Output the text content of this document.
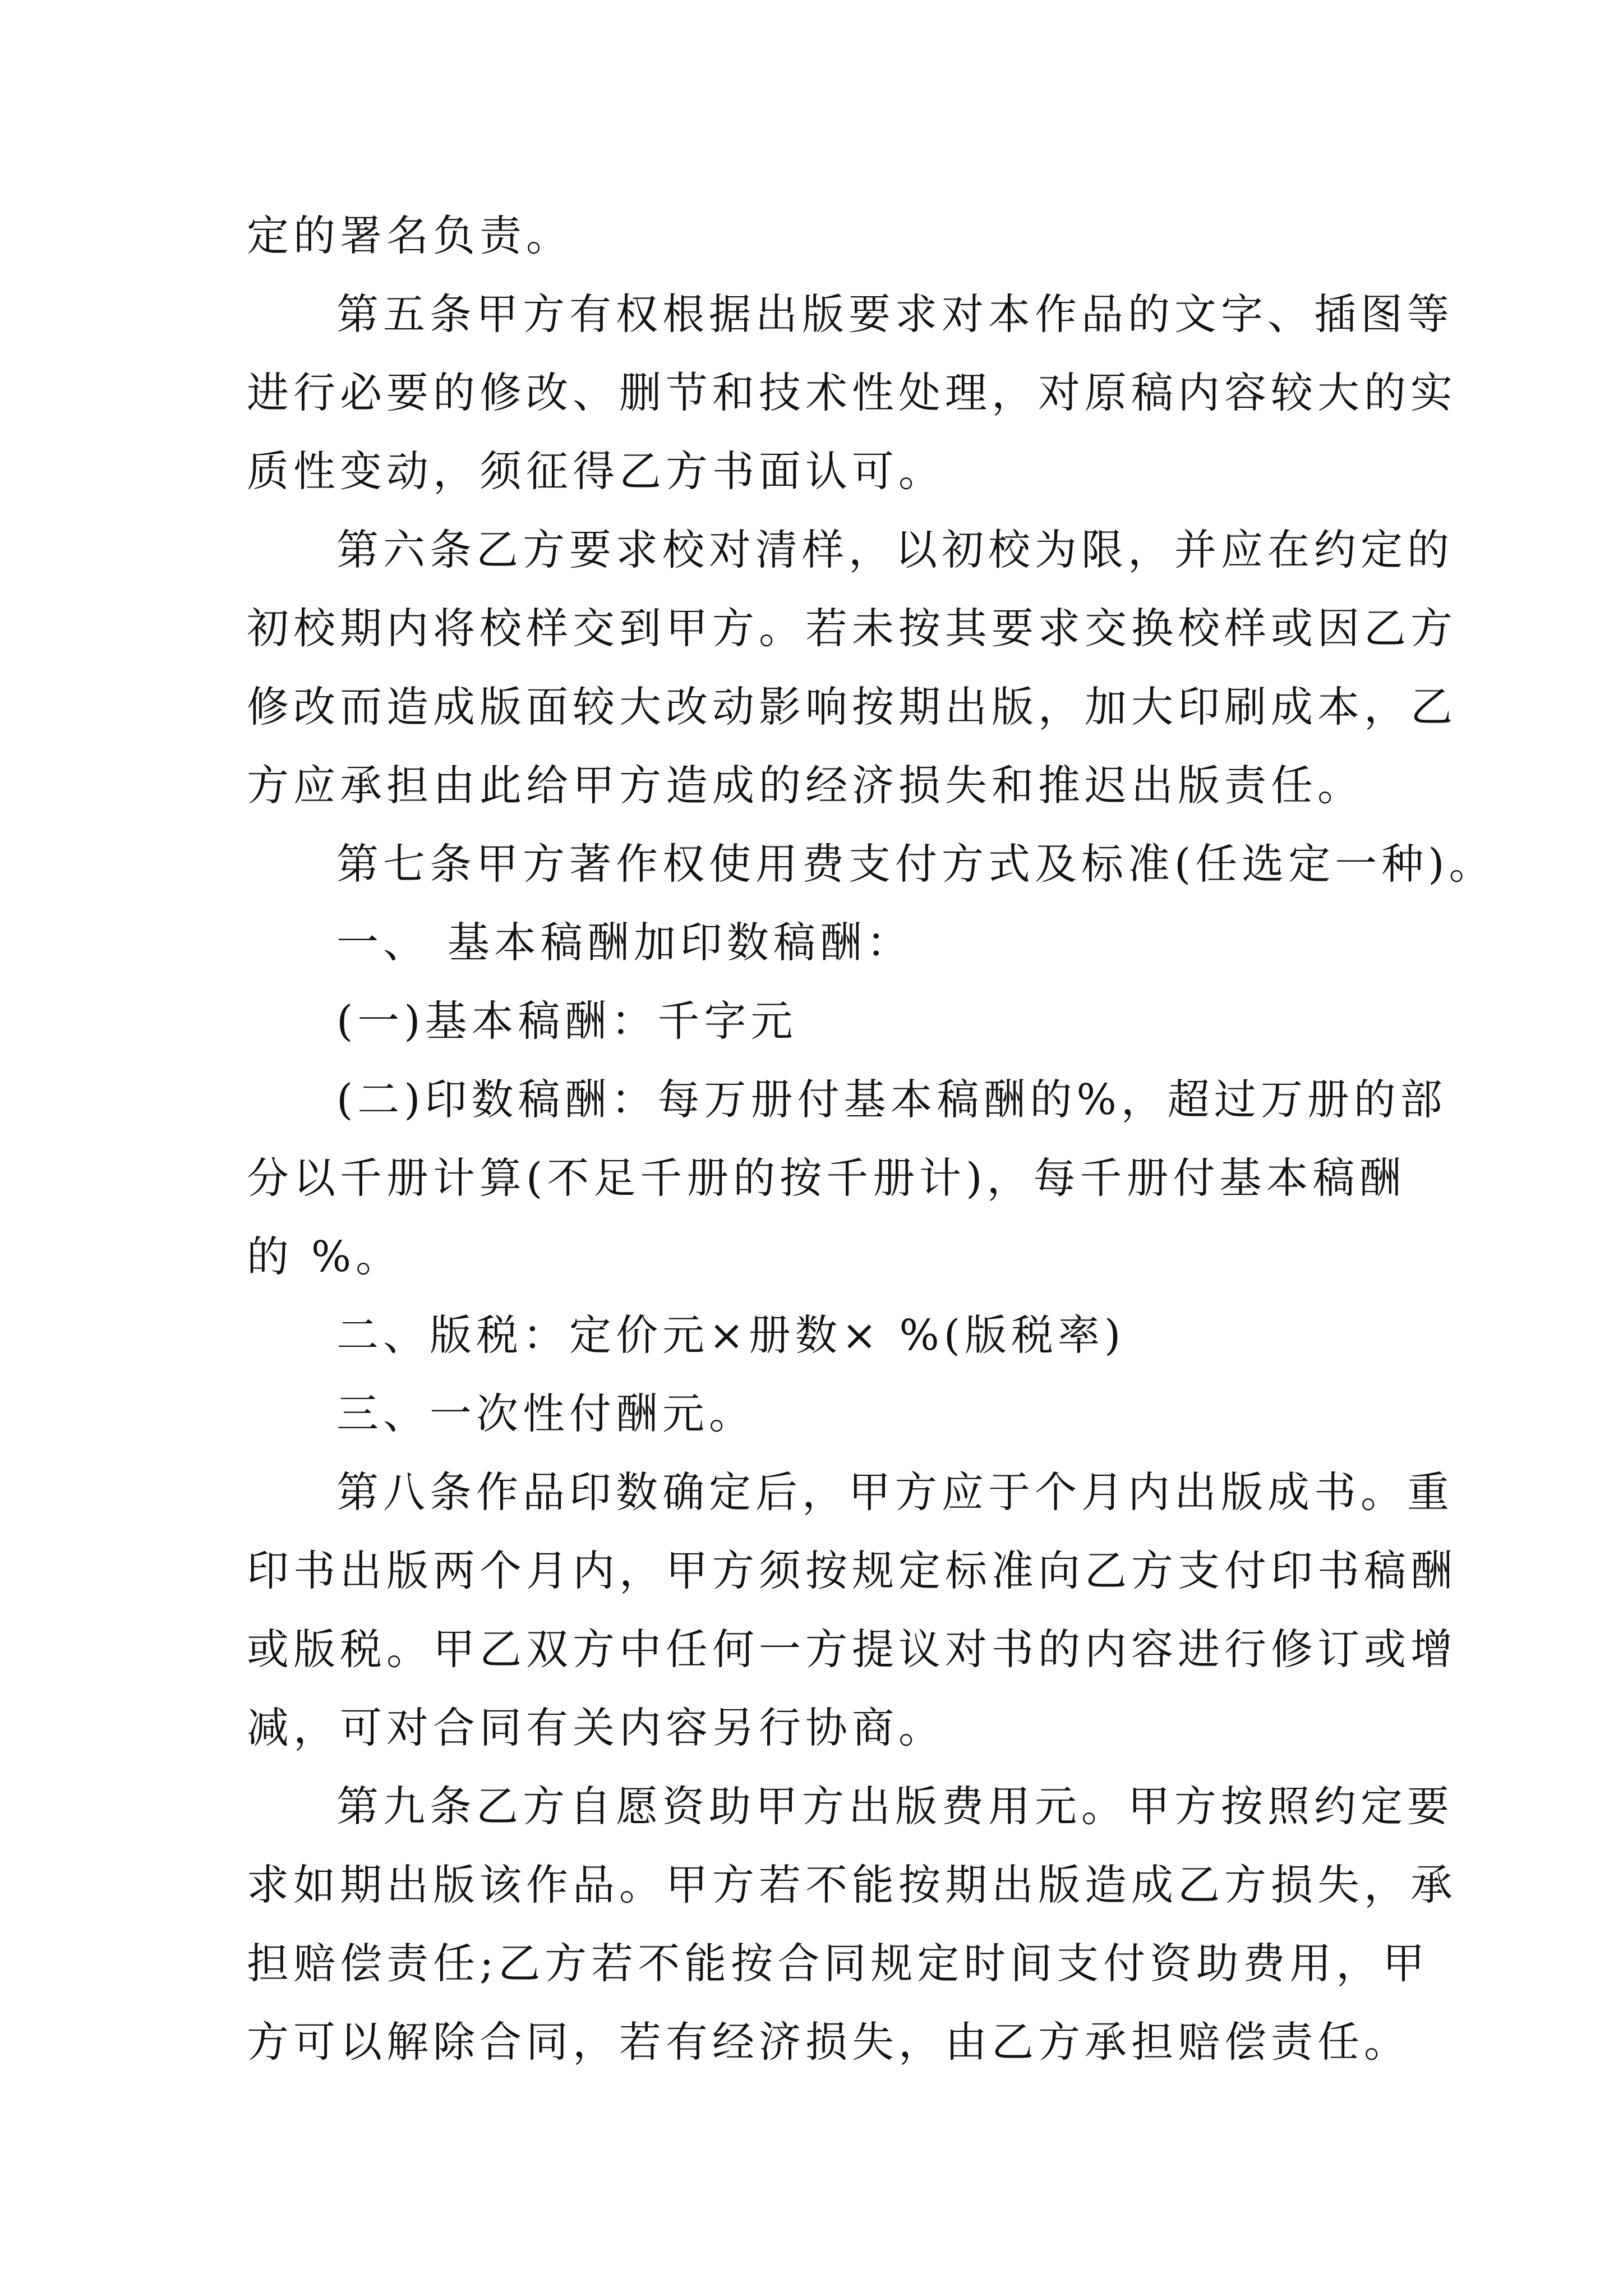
定的署名负责。
第五条甲方有权根据出版要求对本作品的文字、插图等
进行必要的修改、删节和技术性处理，对原稿内容较大的实
质性变动，须征得乙方书面认可。
第六条乙方要求校对清样，以初校为限，并应在约定的
初校期内将校样交到甲方。若未按其要求交换校样或因乙方
修改而造成版面较大改动影响按期出版，加大印刷成本，乙
方应承担由此给甲方造成的经济损失和推迟出版责任。
第七条甲方著作权使用费支付方式及标准(任选定一种)。
一、 基本稿酬加印数稿酬：
(一)基本稿酬：千字元
(二)印数稿酬：每万册付基本稿酬的%，超过万册的部
分以千册计算(不足千册的按千册计)，每千册付基本稿酬
的 %。
二、版税：定价元×册数× %(版税率)
三、一次性付酬元。
第八条作品印数确定后，甲方应于个月内出版成书。重
印书出版两个月内，甲方须按规定标准向乙方支付印书稿酬
或版税。甲乙双方中任何一方提议对书的内容进行修订或增
减，可对合同有关内容另行协商。
第九条乙方自愿资助甲方出版费用元。甲方按照约定要
求如期出版该作品。甲方若不能按期出版造成乙方损失，承
担赔偿责任;乙方若不能按合同规定时间支付资助费用，甲
方可以解除合同，若有经济损失，由乙方承担赔偿责任。
